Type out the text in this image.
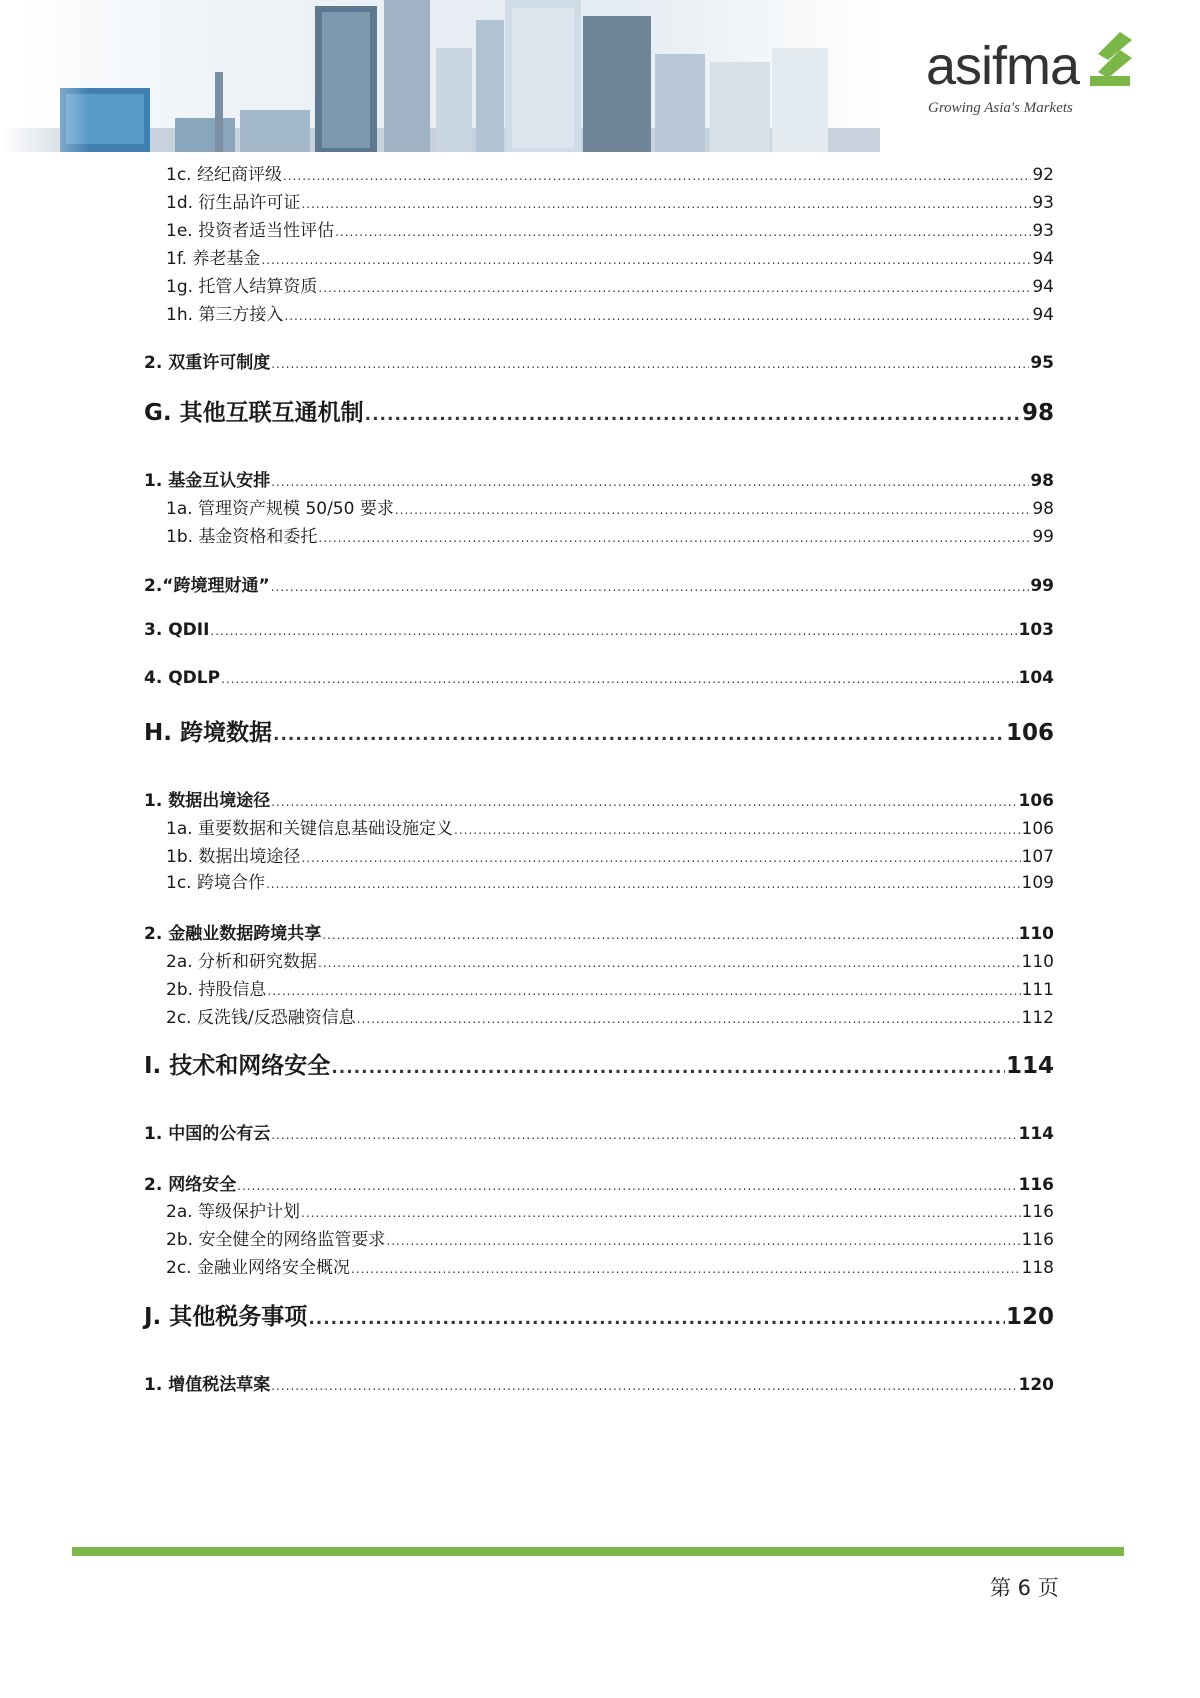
asifma
Growing Asia's Markets
1c. 经纪商评级 .....	92
1d. 衍生品许可证 .....	93
1e. 投资者适当性评估 .....	93
1f. 养老基金 .....	94
1g. 托管人结算资质 .....	94
1h. 第三方接入 .....	94
2. 双重许可制度 .....	95
G. 其他互联互通机制 .....	98
1. 基金互认安排 .....	98
1a. 管理资产规模 50/50 要求 .....	98
1b. 基金资格和委托 .....	99
2.“跨境理财通” .....	99
3. QDII .....	103
4. QDLP .....	104
H. 跨境数据 .....	106
1. 数据出境途径 .....	106
1a. 重要数据和关键信息基础设施定义 .....	106
1b. 数据出境途径 .....	107
1c. 跨境合作 .....	109
2. 金融业数据跨境共享 .....	110
2a. 分析和研究数据 .....	110
2b. 持股信息 .....	111
2c. 反洗钱/反恐融资信息 .....	112
I. 技术和网络安全 .....	114
1. 中国的公有云 .....	114
2. 网络安全 .....	116
2a. 等级保护计划 .....	116
2b. 安全健全的网络监管要求 .....	116
2c. 金融业网络安全概况 .....	118
J. 其他税务事项 .....	120
1. 增值税法草案 .....	120
第 6 页
